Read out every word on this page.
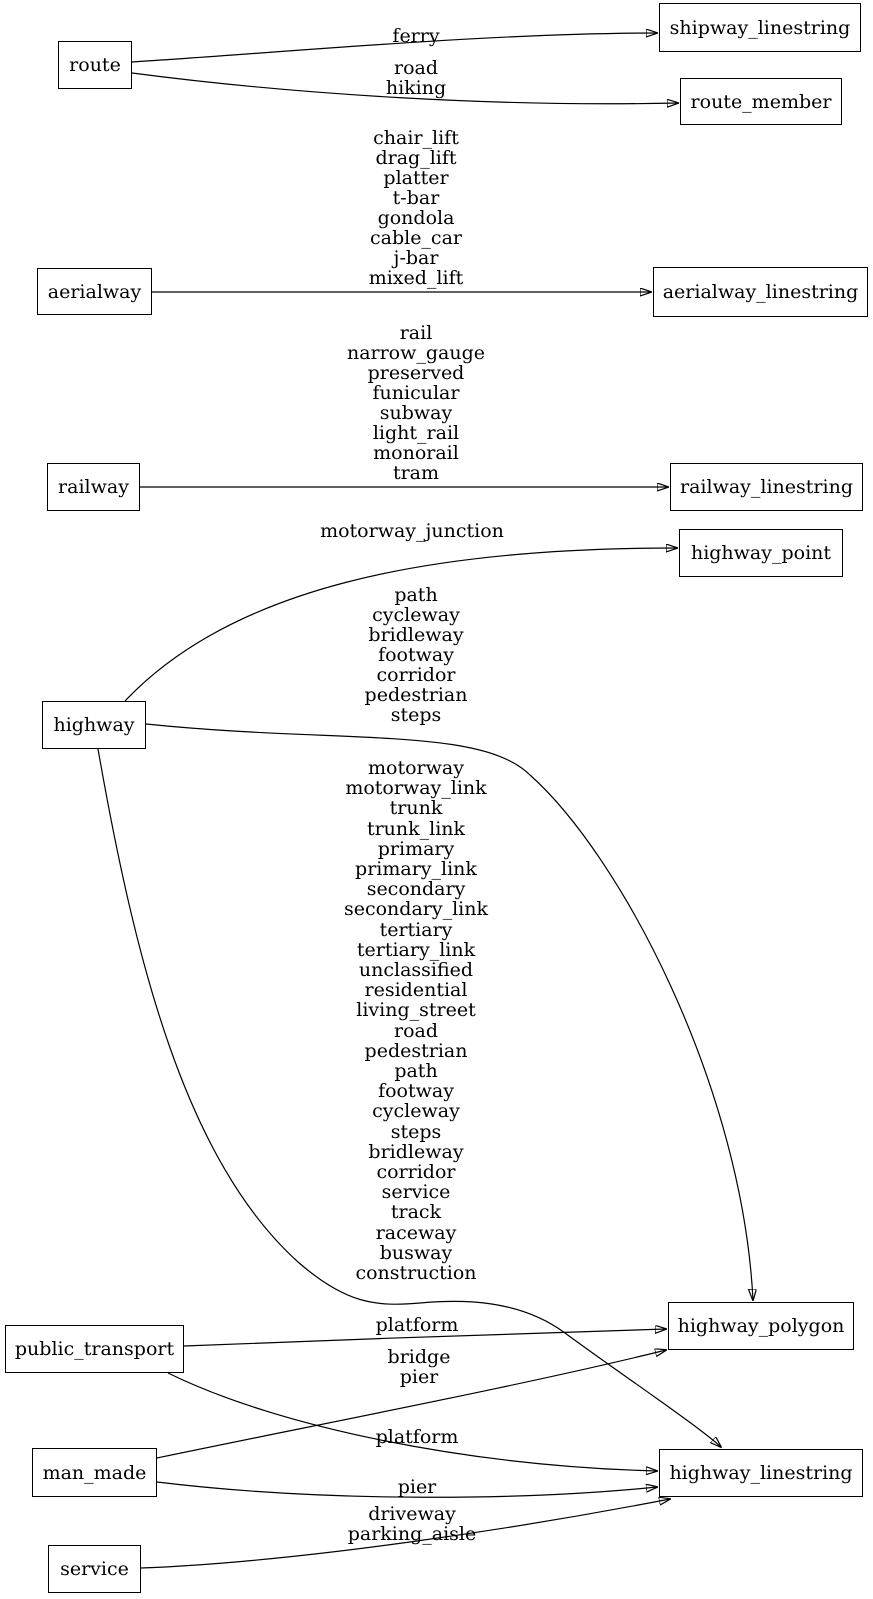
route
shipway_linestring
route_member
aerialway	aerialway_linestring
railway	railway_linestring
highway
highway_point
public_transport
highway_polygon
man_made	highway_linestring
service
ferry
road
hiking
chair_lift
drag_lift
platter
t-bar
gondola
cable_car
j-bar
mixed_lift
rail
narrow_gauge
preserved
funicular
subway
light_rail
monorail
tram
motorway_junction
path
cycleway
bridleway
footway
corridor
pedestrian
steps
motorway
motorway_link
trunk
trunk_link
primary
primary_link
secondary
secondary_link
tertiary
tertiary_link
unclassified
residential
living_street
road
pedestrian
path
footway
cycleway
steps
bridleway
corridor
service
track
raceway
busway
construction
platform
bridge
pier
platform
pier
driveway
parking_aisle
